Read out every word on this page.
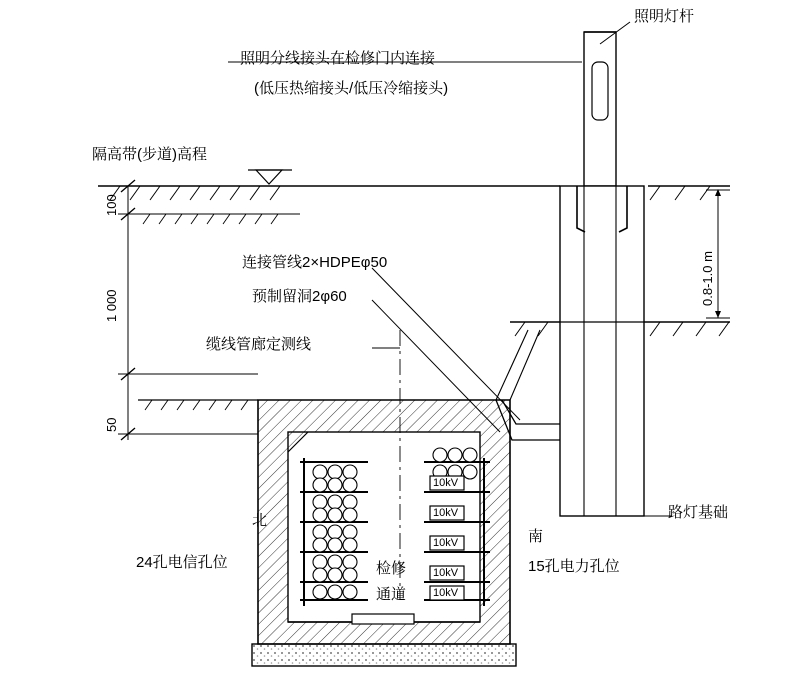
照明灯杆
照明分线接头在检修门内连接
(低压热缩接头/低压冷缩接头)
隔高带(步道)高程
100
1 000
50
0.8-1.0 m
连接管线2×HDPEφ50
预制留洞2φ60
缆线管廊定测线
路灯基础
北
南
24孔电信孔位	15孔电力孔位
检修
通道
10kV
10kV
10kV
10kV
10kV
